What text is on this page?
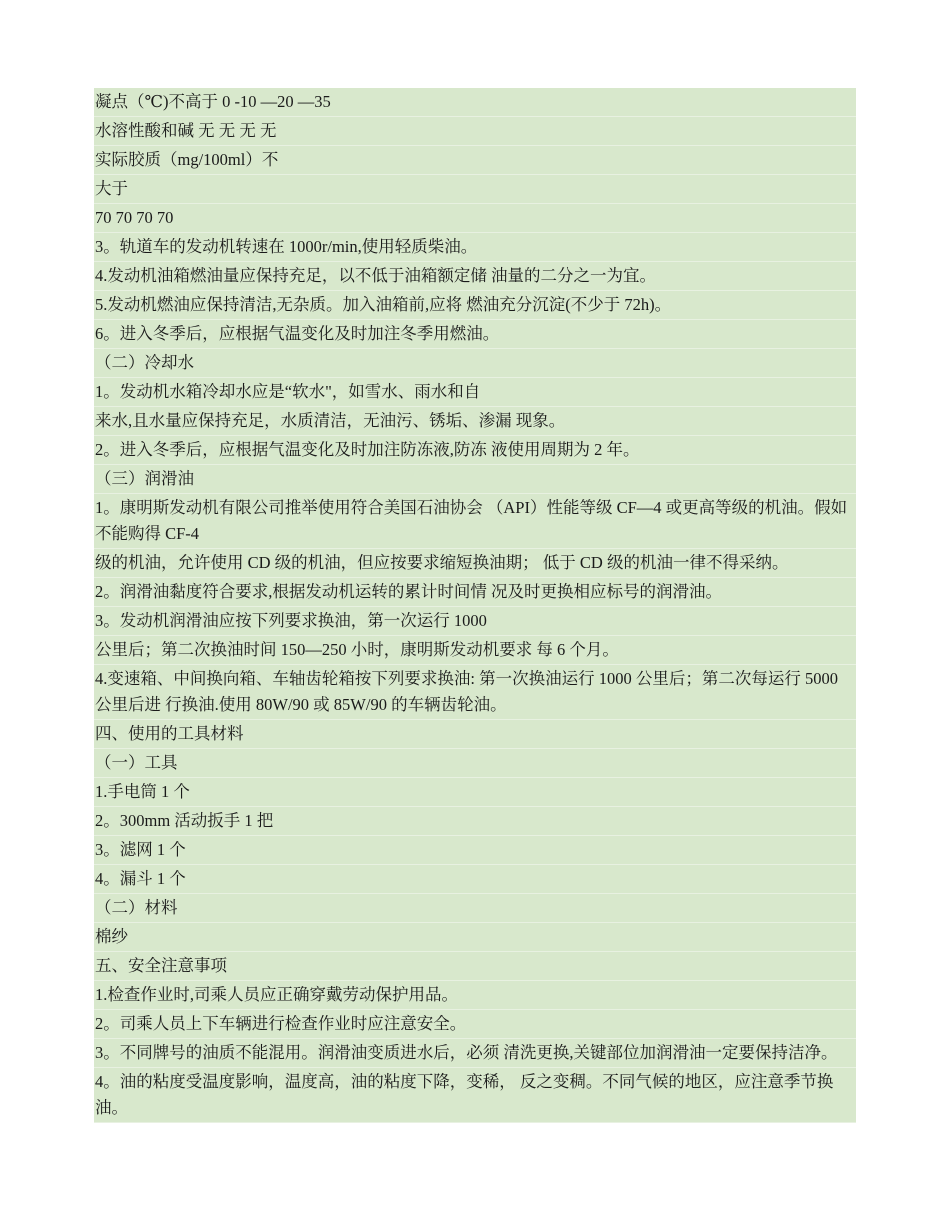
凝点（℃)不高于 0 -10 —20 —35
水溶性酸和碱 无 无 无 无
实际胶质（mg/100ml）不
大于
70 70 70 70
3。轨道车的发动机转速在 1000r/min,使用轻质柴油。
4.发动机油箱燃油量应保持充足，以不低于油箱额定储 油量的二分之一为宜。
5.发动机燃油应保持清洁,无杂质。加入油箱前,应将 燃油充分沉淀(不少于 72h)。
6。进入冬季后，应根据气温变化及时加注冬季用燃油。
（二）冷却水
1。发动机水箱冷却水应是“软水"，如雪水、雨水和自
来水,且水量应保持充足，水质清洁，无油污、锈垢、渗漏 现象。
2。进入冬季后，应根据气温变化及时加注防冻液,防冻 液使用周期为 2 年。
（三）润滑油
1。康明斯发动机有限公司推举使用符合美国石油协会 （API）性能等级 CF—4 或更高等级的机油。假如不能购得 CF-4
级的机油，允许使用 CD 级的机油，但应按要求缩短换油期； 低于 CD 级的机油一律不得采纳。
2。润滑油黏度符合要求,根据发动机运转的累计时间情 况及时更换相应标号的润滑油。
3。发动机润滑油应按下列要求换油，第一次运行 1000
公里后；第二次换油时间 150—250 小时，康明斯发动机要求 每 6 个月。
4.变速箱、中间换向箱、车轴齿轮箱按下列要求换油: 第一次换油运行 1000 公里后；第二次每运行 5000 公里后进 行换油.使用 80W/90 或 85W/90 的车辆齿轮油。
四、使用的工具材料
（一）工具
1.手电筒 1 个
2。300mm 活动扳手 1 把
3。滤网 1 个
4。漏斗 1 个
（二）材料
棉纱
五、安全注意事项
1.检查作业时,司乘人员应正确穿戴劳动保护用品。
2。司乘人员上下车辆进行检查作业时应注意安全。
3。不同牌号的油质不能混用。润滑油变质进水后，必须 清洗更换,关键部位加润滑油一定要保持洁净。
4。油的粘度受温度影响，温度高，油的粘度下降，变稀， 反之变稠。不同气候的地区，应注意季节换油。
